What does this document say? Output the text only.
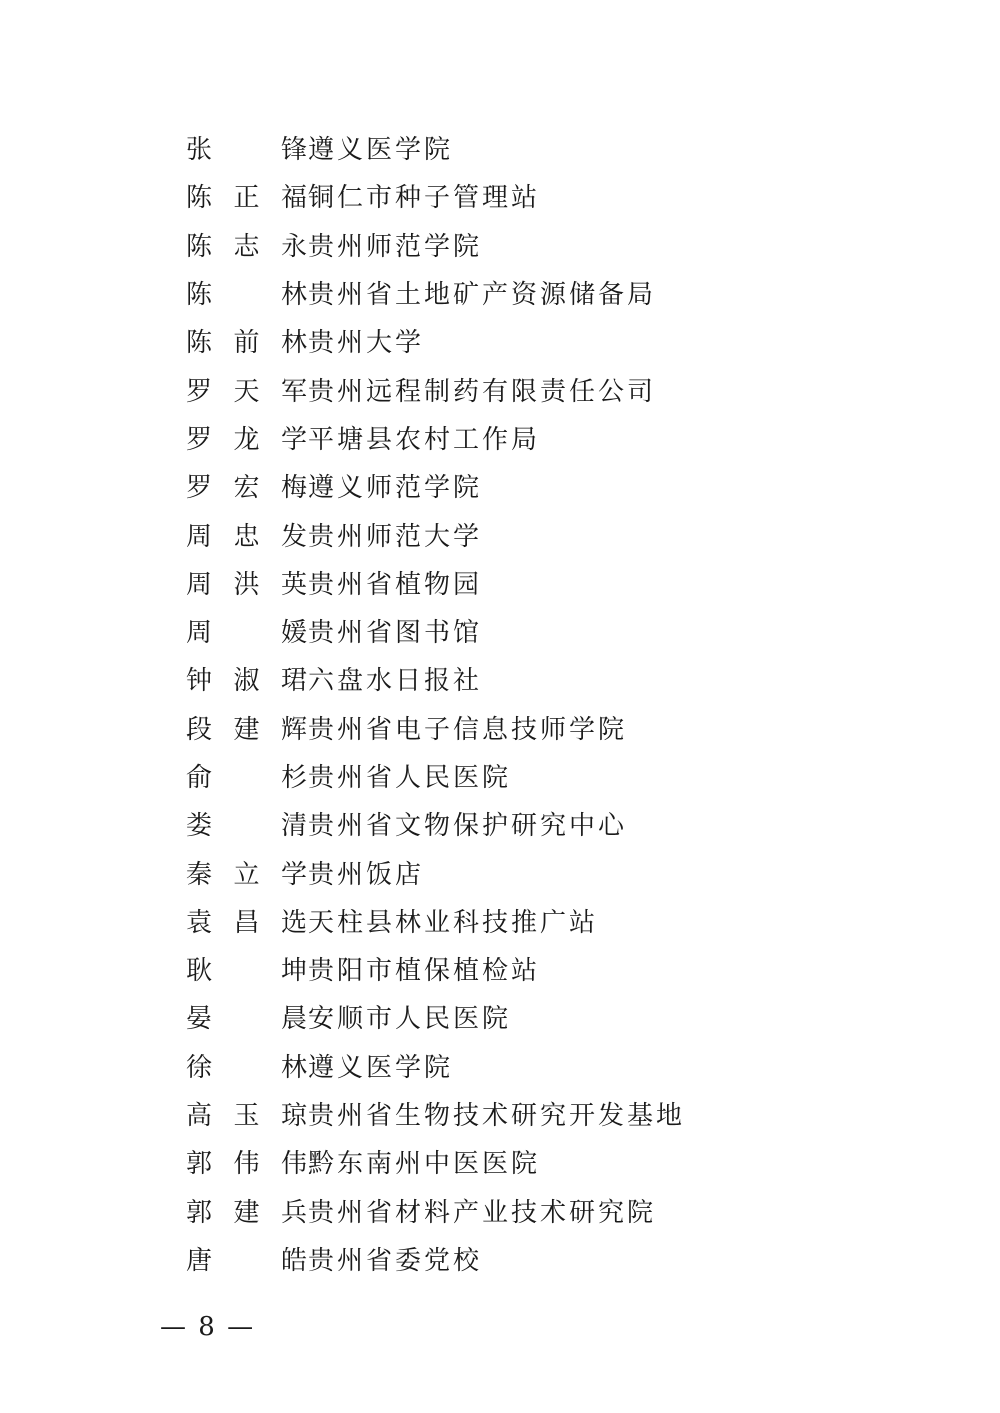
张　锋 遵义医学院
陈正福 铜仁市种子管理站
陈志永 贵州师范学院
陈　林 贵州省土地矿产资源储备局
陈前林 贵州大学
罗天军 贵州远程制药有限责任公司
罗龙学 平塘县农村工作局
罗宏梅 遵义师范学院
周忠发 贵州师范大学
周洪英 贵州省植物园
周　媛 贵州省图书馆
钟淑珺 六盘水日报社
段建辉 贵州省电子信息技师学院
俞　杉 贵州省人民医院
娄　清 贵州省文物保护研究中心
秦立学 贵州饭店
袁昌选 天柱县林业科技推广站
耿　坤 贵阳市植保植检站
晏　晨 安顺市人民医院
徐　林 遵义医学院
高玉琼 贵州省生物技术研究开发基地
郭伟伟 黔东南州中医医院
郭建兵 贵州省材料产业技术研究院
唐　皓 贵州省委党校
— 8 —
